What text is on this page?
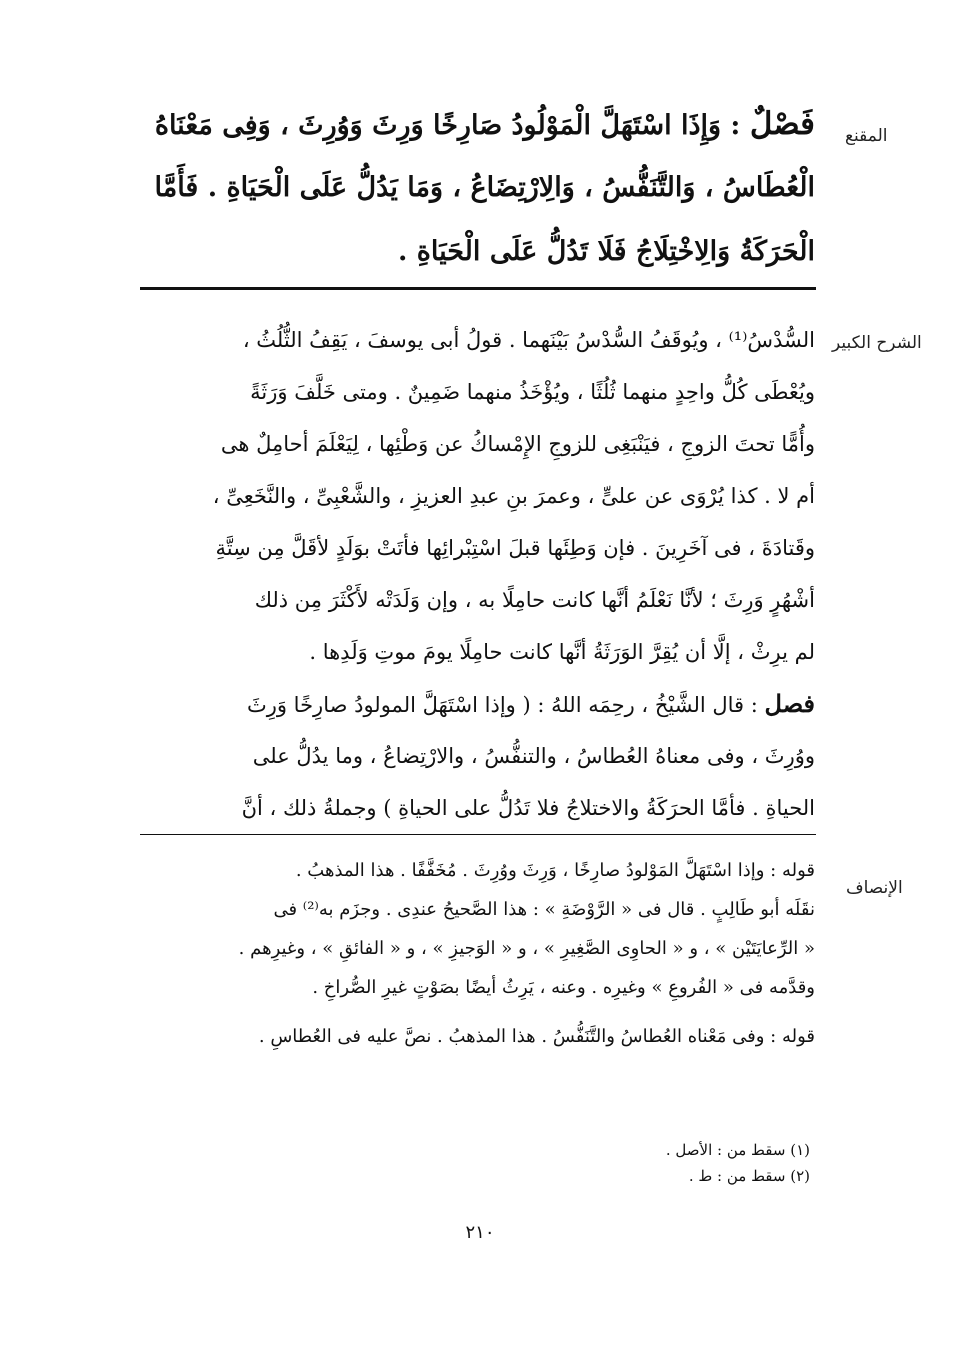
المقنع
فَصْلٌ : وَإِذَا اسْتَهَلَّ الْمَوْلُودُ صَارِخًا وَرِثَ وَوُرِثَ ، وَفِى مَعْنَاهُ
الْعُطَاسُ ، وَالتَّنَفُّسُ ، وَالِارْتِضَاعُ ، وَمَا يَدُلُّ عَلَى الْحَيَاةِ . فَأَمَّا
الْحَرَكَةُ وَالِاخْتِلَاجُ فَلَا تَدُلُّ عَلَى الْحَيَاةِ .
الشرح الكبير
السُّدْسُ⁽¹⁾ ، ويُوقَفُ السُّدْسُ بَيْنَهما . قولُ أبى يوسفَ ، يَقِفُ الثُّلُثُ ،
ويُعْطَى كُلُّ واحِدٍ منهما ثُلُثًا ، ويُؤْخَذُ منهما ضَمِينٌ . ومتى خَلَّفَ وَرَثَةً
وأُمًّا تحتَ الزوجِ ، فيَنْبَغِى للزوجِ الإِمْساكُ عن وَطْئِها ، لِيَعْلَمَ أحامِلٌ هى
أم لا . كذا يُرْوَى عن علىٍّ ، وعمرَ بنِ عبدِ العزيزِ ، والشَّعْبِىِّ ، والنَّخَعِىِّ ،
وقَتادَةَ ، فى آخَرِينَ . فإن وَطِئَها قبلَ اسْتِبْرائِها فأتَتْ بوَلَدٍ لأقَلَّ مِن سِتَّةِ
أشْهُرٍ وَرِثَ ؛ لأنَّا نَعْلَمُ أنَّها كانت حامِلًا به ، وإن وَلَدَتْه لأَكْثَرَ مِن ذلك
لم يرِثْ ، إلَّا أن يُقِرَّ الوَرَثَةُ أنَّها كانت حامِلًا يومَ موتِ وَلَدِها .
فصل : قال الشَّيْخُ ، رحِمَه اللهُ : ( وإذا اسْتَهَلَّ المولودُ صارِخًا وَرِثَ
ووُرِثَ ، وفى معناهُ العُطاسُ ، والتنفُّسُ ، والارْتِضاعُ ، وما يدُلُّ على
الحياةِ . فأمَّا الحرَكَةُ والاختلاجُ فلا تَدُلُّ على الحياةِ ) وجملةُ ذلك ، أنَّ
الإنصاف
قوله : وإذا اسْتَهَلَّ المَوْلودُ صارِخًا ، وَرِثَ ووُرِثَ . مُخَفَّفًا . هذا المذهبُ .
نقَلَه أبو طَالِبٍ . قال فى « الرَّوْضَةِ » : هذا الصَّحيحُ عندِى . وجزَم به⁽²⁾ فى
« الرِّعايَتَيْن » ، و « الحاوِى الصَّغِيرِ » ، و « الوَجيزِ » ، و « الفائقِ » ، وغيرِهم .
وقدَّمه فى « الفُروعِ » وغيرِه . وعنه ، يَرِثُ أيضًا بصَوْتٍ غيرِ الصُّراخِ .
قوله : وفى مَعْناه العُطاسُ والتَّنَفُّسُ . هذا المذهبُ . نصَّ عليه فى العُطاسِ .
(١) سقط من : الأصل .
(٢) سقط من : ط .
٢١٠
